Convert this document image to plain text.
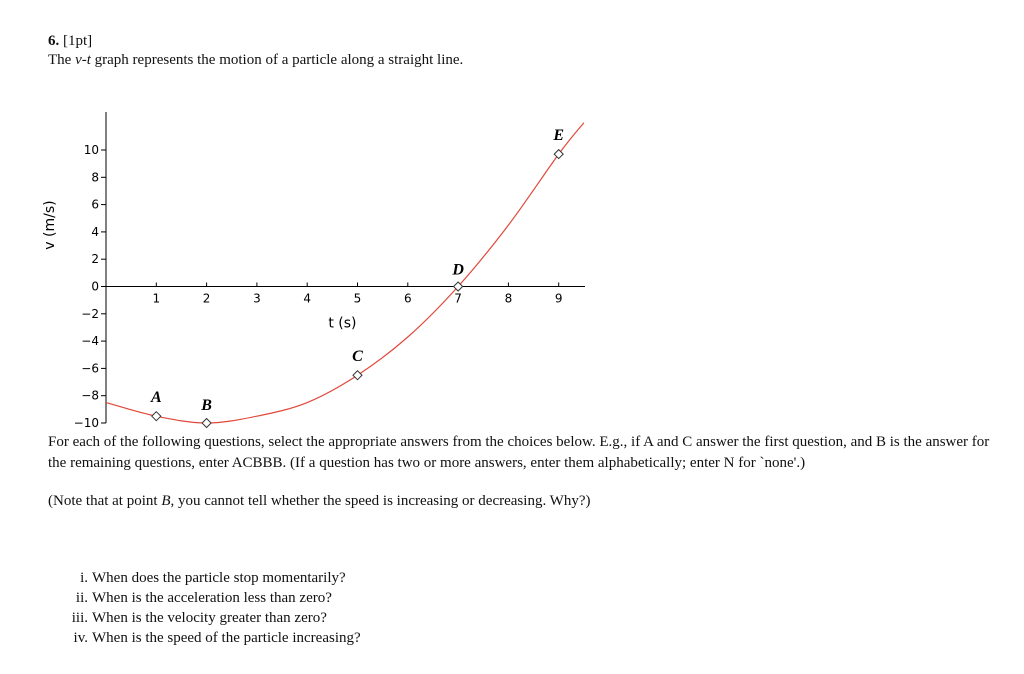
6. [1pt]
The v-t graph represents the motion of a particle along a straight line.
t (s)
v (m/s)
1	2	3	4	5	6	7	8	9
10
8
6
4
2
0
−2
−4
−6
−8
−10
A B
C
D
E
For each of the following questions, select the appropriate answers from the choices below. E.g., if A and C answer the first question, and B is the answer for the remaining questions, enter ACBBB. (If a question has two or more answers, enter them alphabetically; enter N for `none'.)
(Note that at point B, you cannot tell whether the speed is increasing or decreasing. Why?)
i. When does the particle stop momentarily?
ii. When is the acceleration less than zero?
iii. When is the velocity greater than zero?
iv. When is the speed of the particle increasing?
